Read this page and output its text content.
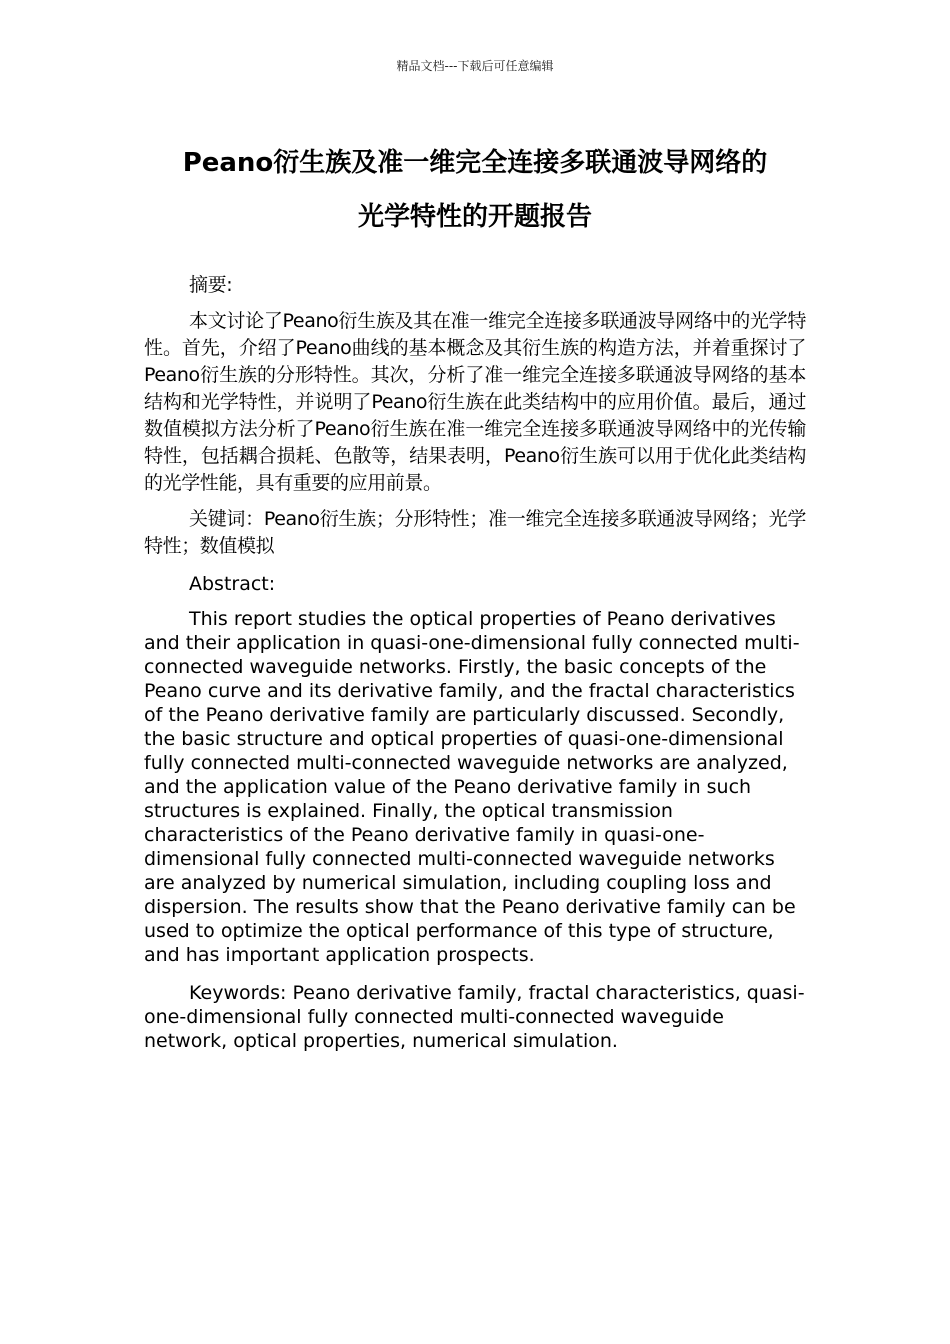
精品文档---下载后可任意编辑
Peano衍生族及准一维完全连接多联通波导网络的
光学特性的开题报告

摘要:

本文讨论了Peano衍生族及其在准一维完全连接多联通波导网络中的光学特性。首先，介绍了Peano曲线的基本概念及其衍生族的构造方法，并着重探讨了Peano衍生族的分形特性。其次，分析了准一维完全连接多联通波导网络的基本结构和光学特性，并说明了Peano衍生族在此类结构中的应用价值。最后，通过数值模拟方法分析了Peano衍生族在准一维完全连接多联通波导网络中的光传输特性，包括耦合损耗、色散等，结果表明，Peano衍生族可以用于优化此类结构的光学性能，具有重要的应用前景。

关键词：Peano衍生族；分形特性；准一维完全连接多联通波导网络；光学特性；数值模拟

Abstract:

This report studies the optical properties of Peano derivatives and their application in quasi-one-dimensional fully connected multi-connected waveguide networks. Firstly, the basic concepts of the Peano curve and its derivative family, and the fractal characteristics of the Peano derivative family are particularly discussed. Secondly, the basic structure and optical properties of quasi-one-dimensional fully connected multi-connected waveguide networks are analyzed, and the application value of the Peano derivative family in such structures is explained. Finally, the optical transmission characteristics of the Peano derivative family in quasi-one-dimensional fully connected multi-connected waveguide networks are analyzed by numerical simulation, including coupling loss and dispersion. The results show that the Peano derivative family can be used to optimize the optical performance of this type of structure, and has important application prospects.

Keywords: Peano derivative family, fractal characteristics, quasi-one-dimensional fully connected multi-connected waveguide network, optical properties, numerical simulation.
